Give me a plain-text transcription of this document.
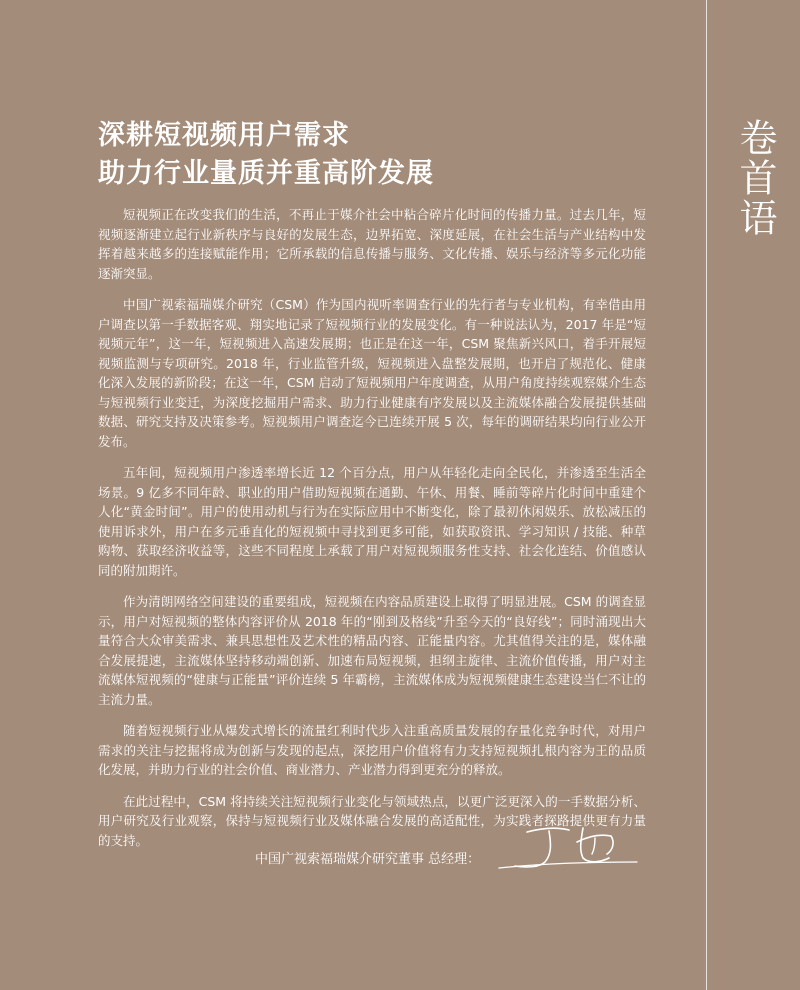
卷首语
深耕短视频用户需求
助力行业量质并重高阶发展

短视频正在改变我们的生活，不再止于媒介社会中粘合碎片化时间的传播力量。过去几年，短视频逐渐建立起行业新秩序与良好的发展生态，边界拓宽、深度延展，在社会生活与产业结构中发挥着越来越多的连接赋能作用；它所承载的信息传播与服务、文化传播、娱乐与经济等多元化功能逐渐突显。

中国广视索福瑞媒介研究（CSM）作为国内视听率调查行业的先行者与专业机构，有幸借由用户调查以第一手数据客观、翔实地记录了短视频行业的发展变化。有一种说法认为，2017 年是“短视频元年”，这一年，短视频进入高速发展期；也正是在这一年，CSM 聚焦新兴风口，着手开展短视频监测与专项研究。2018 年，行业监管升级，短视频进入盘整发展期，也开启了规范化、健康化深入发展的新阶段；在这一年，CSM 启动了短视频用户年度调查，从用户角度持续观察媒介生态与短视频行业变迁，为深度挖掘用户需求、助力行业健康有序发展以及主流媒体融合发展提供基础数据、研究支持及决策参考。短视频用户调查迄今已连续开展 5 次，每年的调研结果均向行业公开发布。

五年间，短视频用户渗透率增长近 12 个百分点，用户从年轻化走向全民化，并渗透至生活全场景。9 亿多不同年龄、职业的用户借助短视频在通勤、午休、用餐、睡前等碎片化时间中重建个人化“黄金时间”。用户的使用动机与行为在实际应用中不断变化，除了最初休闲娱乐、放松减压的使用诉求外，用户在多元垂直化的短视频中寻找到更多可能，如获取资讯、学习知识 / 技能、种草购物、获取经济收益等，这些不同程度上承载了用户对短视频服务性支持、社会化连结、价值感认同的附加期许。

作为清朗网络空间建设的重要组成，短视频在内容品质建设上取得了明显进展。CSM 的调查显示，用户对短视频的整体内容评价从 2018 年的“刚到及格线”升至今天的“良好线”；同时涌现出大量符合大众审美需求、兼具思想性及艺术性的精品内容、正能量内容。尤其值得关注的是，媒体融合发展提速，主流媒体坚持移动端创新、加速布局短视频，担纲主旋律、主流价值传播，用户对主流媒体短视频的“健康与正能量”评价连续 5 年霸榜，主流媒体成为短视频健康生态建设当仁不让的主流力量。

随着短视频行业从爆发式增长的流量红利时代步入注重高质量发展的存量化竞争时代，对用户需求的关注与挖掘将成为创新与发现的起点，深挖用户价值将有力支持短视频扎根内容为王的品质化发展，并助力行业的社会价值、商业潜力、产业潜力得到更充分的释放。

在此过程中，CSM 将持续关注短视频行业变化与领域热点，以更广泛更深入的一手数据分析、用户研究及行业观察，保持与短视频行业及媒体融合发展的高适配性，为实践者探路提供更有力量的支持。

中国广视索福瑞媒介研究董事 总经理：
